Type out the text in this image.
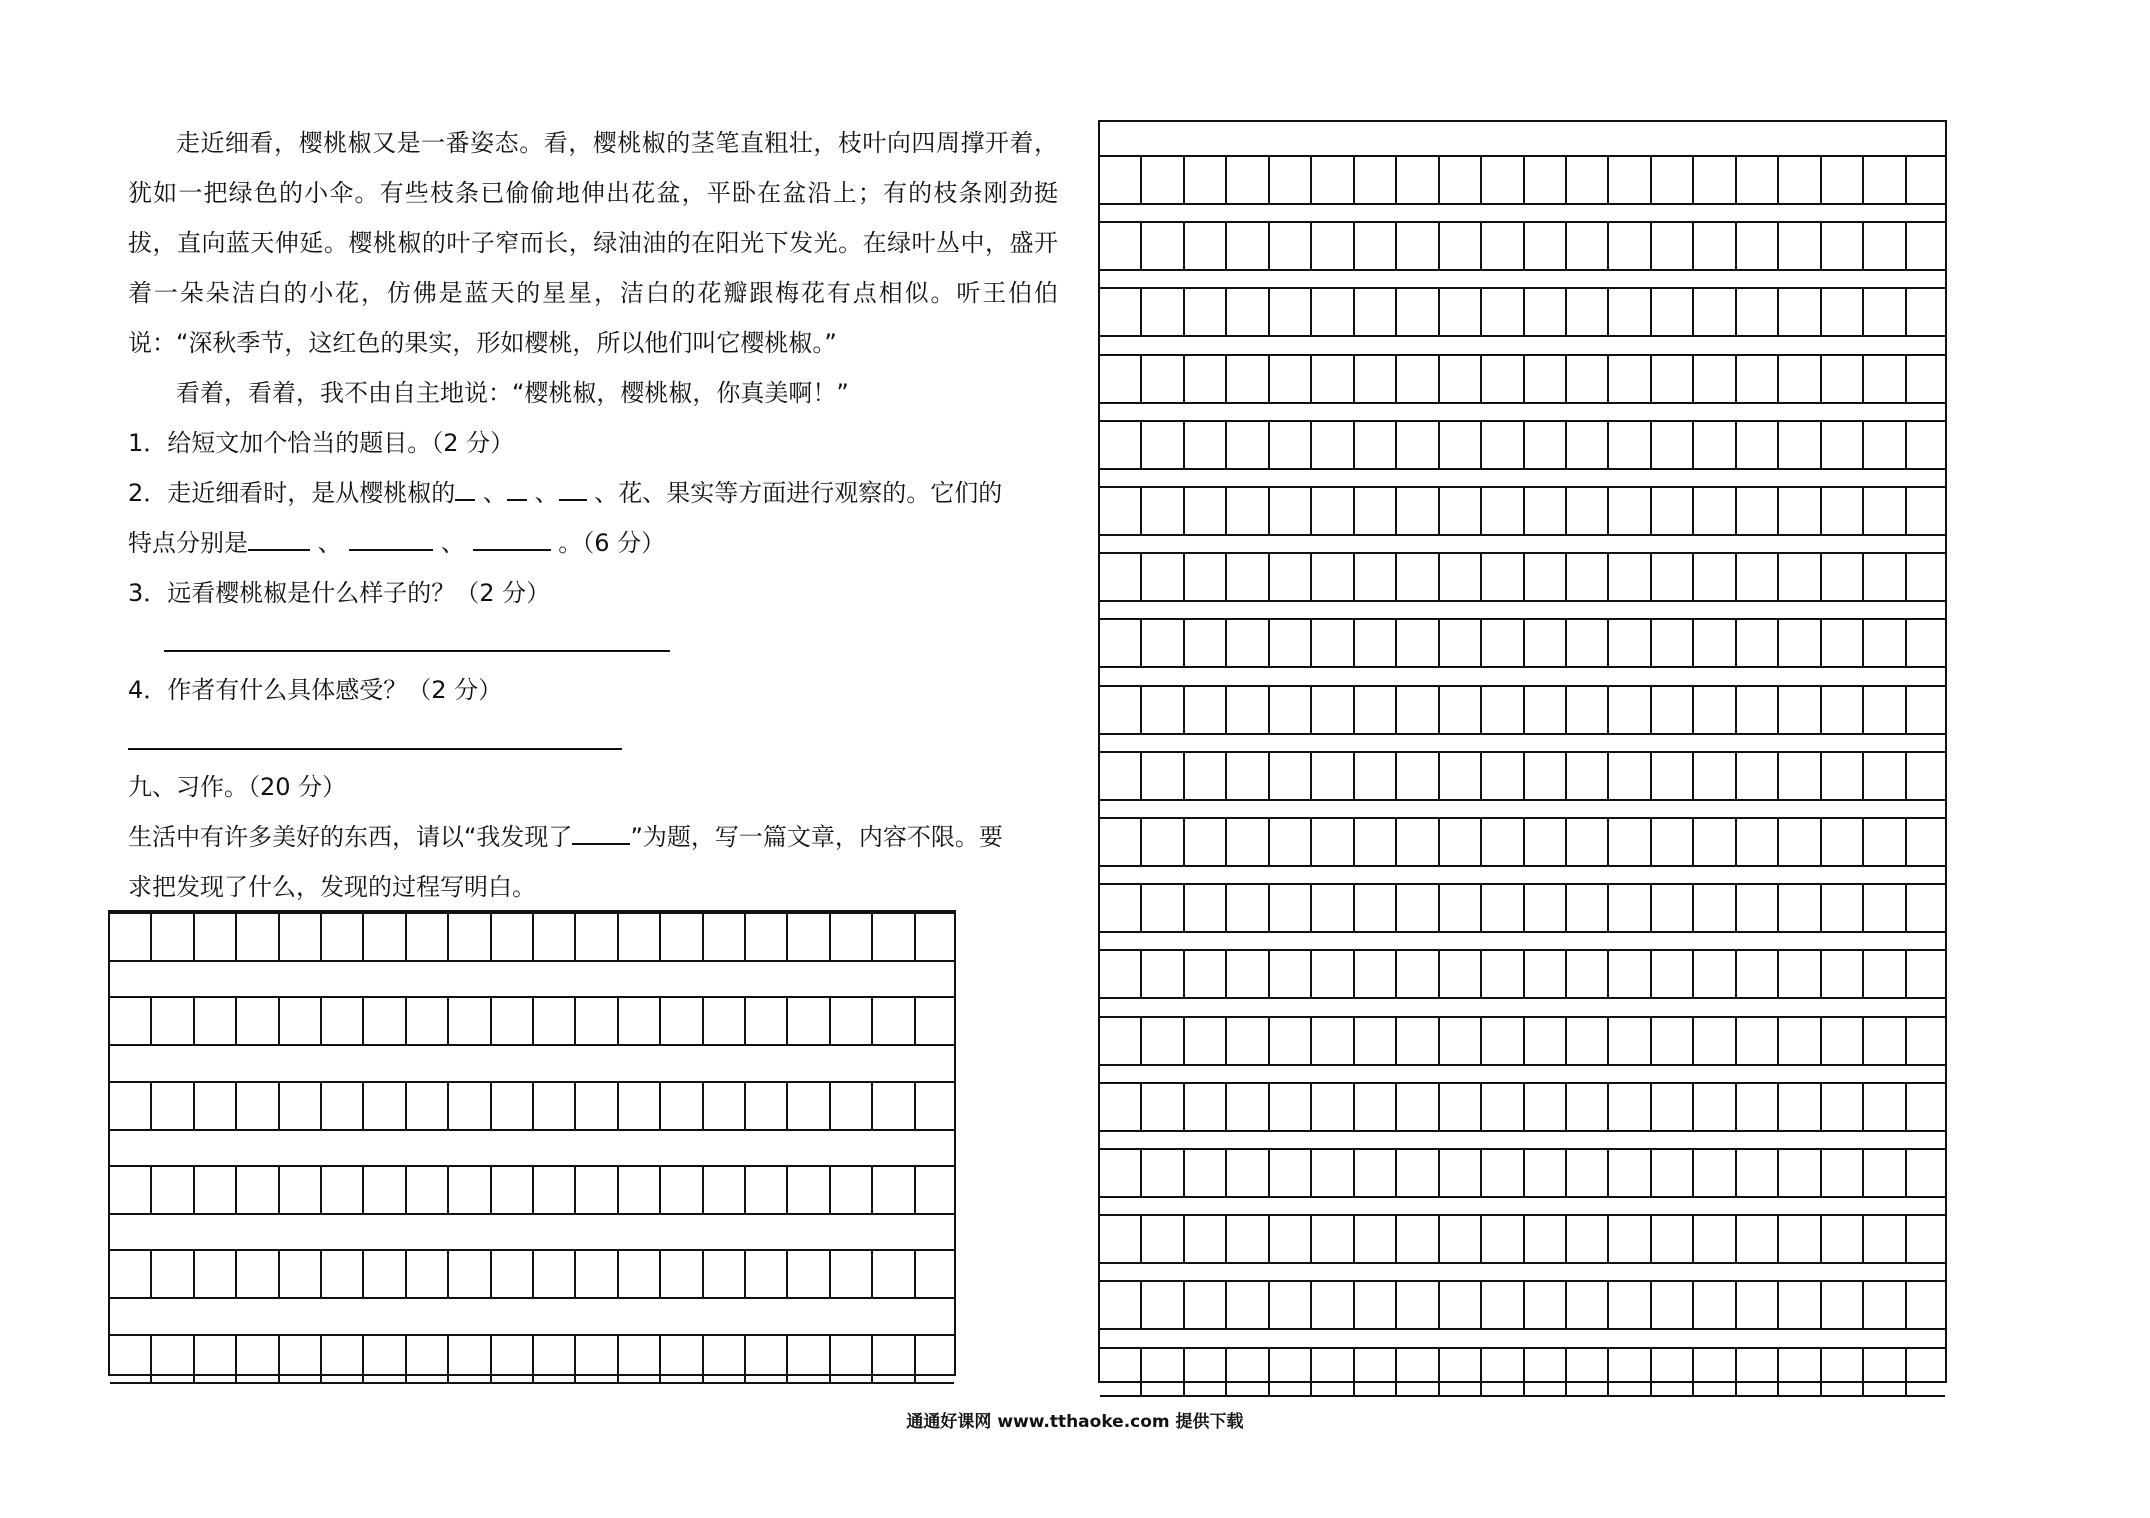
走近细看，樱桃椒又是一番姿态。看，樱桃椒的茎笔直粗壮，枝叶向四周撑开着，犹如一把绿色的小伞。有些枝条已偷偷地伸出花盆，平卧在盆沿上；有的枝条刚劲挺拔，直向蓝天伸延。樱桃椒的叶子窄而长，绿油油的在阳光下发光。在绿叶丛中，盛开着一朵朵洁白的小花，仿佛是蓝天的星星，洁白的花瓣跟梅花有点相似。听王伯伯说：“深秋季节，这红色的果实，形如樱桃，所以他们叫它樱桃椒。”

看着，看着，我不由自主地说：“樱桃椒，樱桃椒，你真美啊！”

1．给短文加个恰当的题目。（2 分）

2．走近细看时，是从樱桃椒的 、 、 、花、果实等方面进行观察的。它们的

特点分别是	、	、	。（6 分）

3．远看樱桃椒是什么样子的？（2 分）

4．作者有什么具体感受？（2 分）

九、习作。（20 分）

生活中有许多美好的东西，请以“我发现了 ”为题，写一篇文章，内容不限。要

求把发现了什么，发现的过程写明白。

通通好课网 www.tthaoke.com 提供下载
